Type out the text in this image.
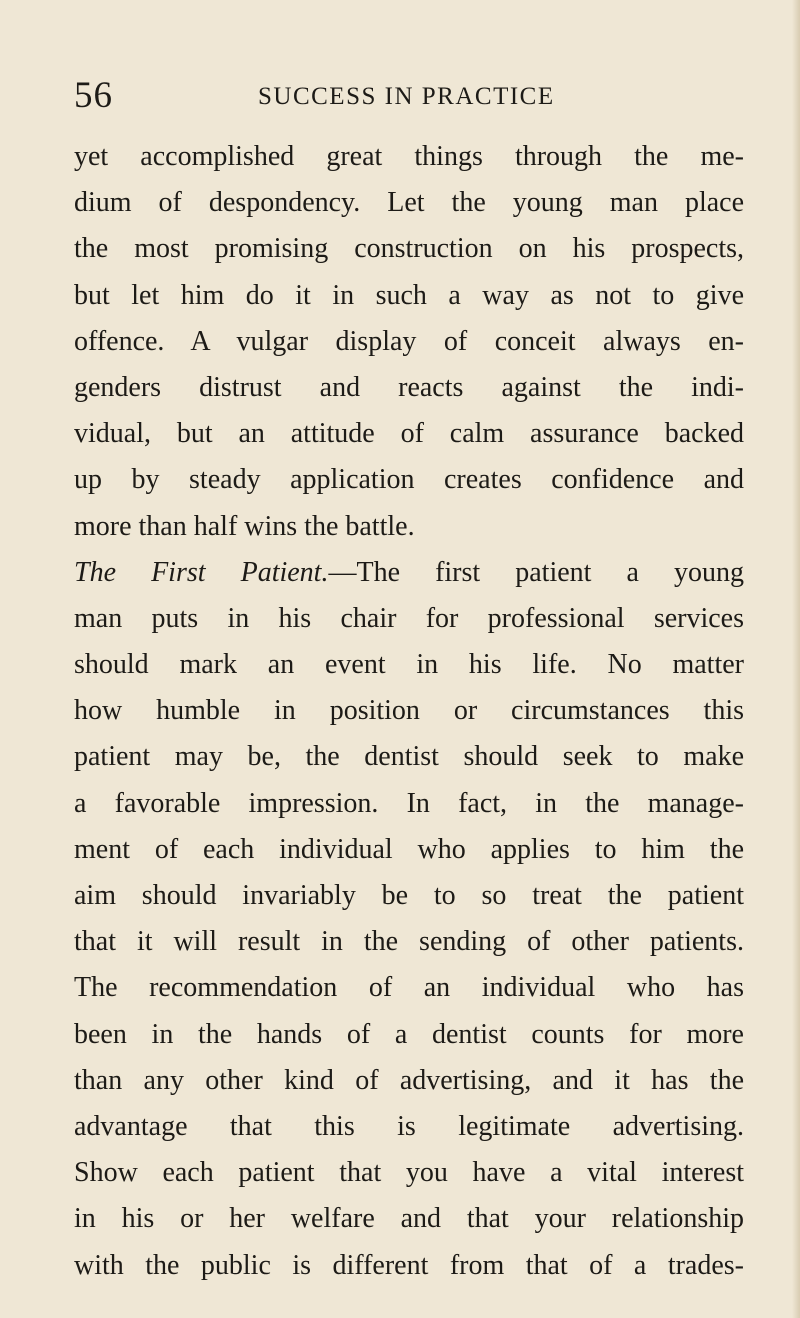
56	SUCCESS IN PRACTICE
yet accomplished great things through the me-
dium of despondency. Let the young man place
the most promising construction on his prospects,
but let him do it in such a way as not to give
offence. A vulgar display of conceit always en-
genders distrust and reacts against the indi-
vidual, but an attitude of calm assurance backed
up by steady application creates confidence and
more than half wins the battle.
The First Patient.—The first patient a young
man puts in his chair for professional services
should mark an event in his life. No matter
how humble in position or circumstances this
patient may be, the dentist should seek to make
a favorable impression. In fact, in the manage-
ment of each individual who applies to him the
aim should invariably be to so treat the patient
that it will result in the sending of other patients.
The recommendation of an individual who has
been in the hands of a dentist counts for more
than any other kind of advertising, and it has the
advantage that this is legitimate advertising.
Show each patient that you have a vital interest
in his or her welfare and that your relationship
with the public is different from that of a trades-
